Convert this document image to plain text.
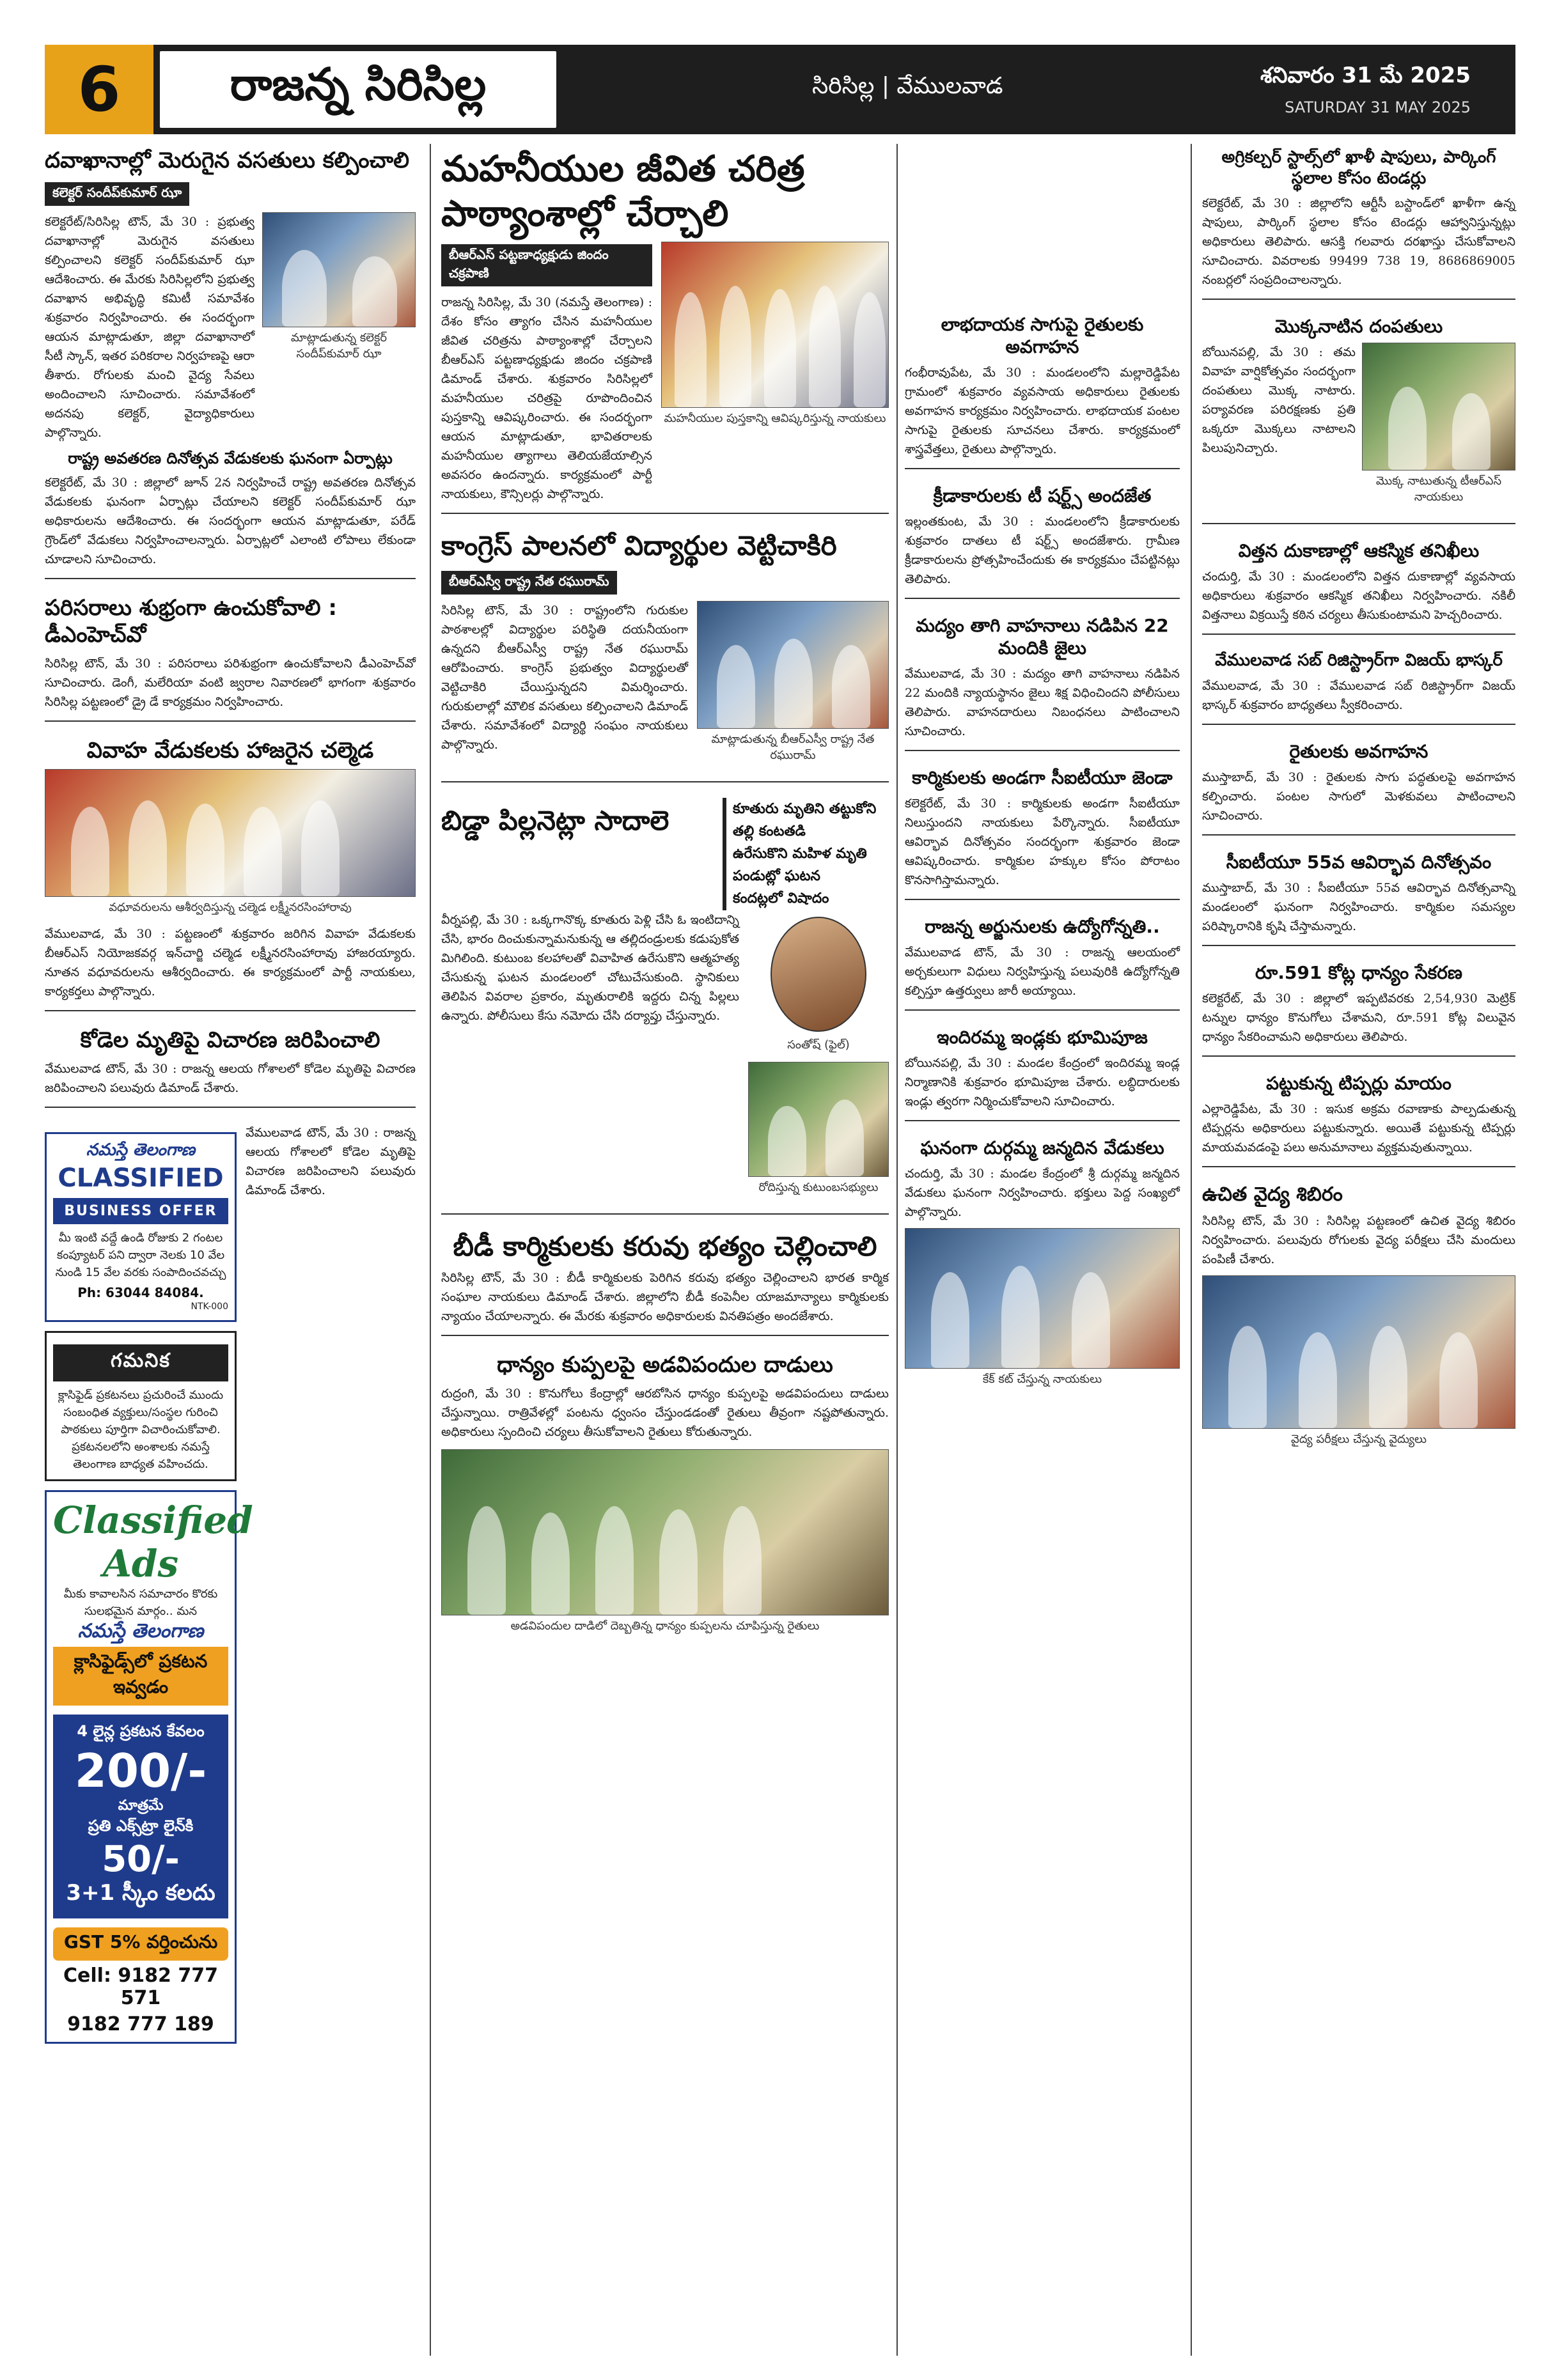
6	రాజన్న సిరిసిల్ల	సిరిసిల్ల | వేములవాడ	శనివారం 31 మే 2025
SATURDAY 31 MAY 2025
దవాఖానాల్లో మెరుగైన వసతులు కల్పించాలి
కలెక్టర్ సందీప్‌కుమార్ ఝా
కలెక్టరేట్/సిరిసిల్ల టౌన్, మే 30 : ప్రభుత్వ దవాఖానాల్లో మెరుగైన వసతులు కల్పించాలని కలెక్టర్ సందీప్‌కుమార్ ఝా ఆదేశించారు. ఈ మేరకు సిరిసిల్లలోని ప్రభుత్వ దవాఖాన అభివృద్ధి కమిటీ సమావేశం శుక్రవారం నిర్వహించారు. ఈ సందర్భంగా ఆయన మాట్లాడుతూ, జిల్లా దవాఖానాలో సీటీ స్కాన్, ఇతర పరికరాల నిర్వహణపై ఆరా తీశారు. రోగులకు మంచి వైద్య సేవలు అందించాలని సూచించారు. సమావేశంలో అదనపు కలెక్టర్, వైద్యాధికారులు పాల్గొన్నారు.
మాట్లాడుతున్న కలెక్టర్ సందీప్‌కుమార్ ఝా
రాష్ట్ర అవతరణ దినోత్సవ వేడుకలకు ఘనంగా ఏర్పాట్లు
కలెక్టరేట్, మే 30 : జిల్లాలో జూన్ 2న నిర్వహించే రాష్ట్ర అవతరణ దినోత్సవ వేడుకలకు ఘనంగా ఏర్పాట్లు చేయాలని కలెక్టర్ సందీప్‌కుమార్ ఝా అధికారులను ఆదేశించారు. ఈ సందర్భంగా ఆయన మాట్లాడుతూ, పరేడ్ గ్రౌండ్‌లో వేడుకలు నిర్వహించాలన్నారు. ఏర్పాట్లలో ఎలాంటి లోపాలు లేకుండా చూడాలని సూచించారు.
పరిసరాలు శుభ్రంగా ఉంచుకోవాలి : డీఎంహెచ్‌వో
సిరిసిల్ల టౌన్, మే 30 : పరిసరాలు పరిశుభ్రంగా ఉంచుకోవాలని డీఎంహెచ్‌వో సూచించారు. డెంగీ, మలేరియా వంటి జ్వరాల నివారణలో భాగంగా శుక్రవారం సిరిసిల్ల పట్టణంలో డ్రై డే కార్యక్రమం నిర్వహించారు.
వివాహ వేడుకలకు హాజరైన చల్మెడ
వధూవరులను ఆశీర్వదిస్తున్న చల్మెడ లక్ష్మీనరసింహారావు
వేములవాడ, మే 30 : పట్టణంలో శుక్రవారం జరిగిన వివాహ వేడుకలకు బీఆర్ఎస్ నియోజకవర్గ ఇన్‌చార్జి చల్మెడ లక్ష్మీనరసింహారావు హాజరయ్యారు. నూతన వధూవరులను ఆశీర్వదించారు. ఈ కార్యక్రమంలో పార్టీ నాయకులు, కార్యకర్తలు పాల్గొన్నారు.
కోడెల మృతిపై విచారణ జరిపించాలి
వేములవాడ టౌన్, మే 30 : రాజన్న ఆలయ గోశాలలో కోడెల మృతిపై విచారణ జరిపించాలని పలువురు డిమాండ్ చేశారు.
నమస్తే తెలంగాణ
CLASSIFIED
BUSINESS OFFER
మీ ఇంటి వద్దే ఉండి రోజుకు 2 గంటల కంప్యూటర్ పని ద్వారా నెలకు 10 వేల నుండి 15 వేల వరకు సంపాదించవచ్చు
Ph: 63044 84084.
NTK-000
గమనిక
క్లాసిఫైడ్ ప్రకటనలు ప్రచురించే ముందు సంబంధిత వ్యక్తులు/సంస్థల గురించి పాఠకులు పూర్తిగా విచారించుకోవాలి. ప్రకటనలలోని అంశాలకు నమస్తే తెలంగాణ బాధ్యత వహించదు.
Classified Ads
మీకు కావాలసిన సమాచారం కొరకు సులభమైన మార్గం.. మన
నమస్తే తెలంగాణ
క్లాసిఫైడ్స్‌లో ప్రకటన ఇవ్వడం
4 లైన్ల ప్రకటన కేవలం
200/- మాత్రమే
ప్రతి ఎక్స్‌ట్రా లైన్‌కి
50/-
3+1 స్కీం కలదు
GST 5% వర్తించును
Cell: 9182 777 571
9182 777 189
వేములవాడ టౌన్, మే 30 : రాజన్న ఆలయ గోశాలలో కోడెల మృతిపై విచారణ జరిపించాలని పలువురు డిమాండ్ చేశారు.
మహనీయుల జీవిత చరిత్ర పాఠ్యాంశాల్లో చేర్చాలి
బీఆర్ఎస్ పట్టణాధ్యక్షుడు జిందం చక్రపాణి
రాజన్న సిరిసిల్ల, మే 30 (నమస్తే తెలంగాణ) : దేశం కోసం త్యాగం చేసిన మహనీయుల జీవిత చరిత్రను పాఠ్యాంశాల్లో చేర్చాలని బీఆర్ఎస్ పట్టణాధ్యక్షుడు జిందం చక్రపాణి డిమాండ్ చేశారు. శుక్రవారం సిరిసిల్లలో మహనీయుల చరిత్రపై రూపొందించిన పుస్తకాన్ని ఆవిష్కరించారు. ఈ సందర్భంగా ఆయన మాట్లాడుతూ, భావితరాలకు మహనీయుల త్యాగాలు తెలియజేయాల్సిన అవసరం ఉందన్నారు. కార్యక్రమంలో పార్టీ నాయకులు, కౌన్సిలర్లు పాల్గొన్నారు.
మహనీయుల పుస్తకాన్ని ఆవిష్కరిస్తున్న నాయకులు
కాంగ్రెస్ పాలనలో విద్యార్థుల వెట్టిచాకిరి
బీఆర్ఎస్వీ రాష్ట్ర నేత రఘురామ్
సిరిసిల్ల టౌన్, మే 30 : రాష్ట్రంలోని గురుకుల పాఠశాలల్లో విద్యార్థుల పరిస్థితి దయనీయంగా ఉన్నదని బీఆర్ఎస్వీ రాష్ట్ర నేత రఘురామ్ ఆరోపించారు. కాంగ్రెస్ ప్రభుత్వం విద్యార్థులతో వెట్టిచాకిరి చేయిస్తున్నదని విమర్శించారు. గురుకులాల్లో మౌలిక వసతులు కల్పించాలని డిమాండ్ చేశారు. సమావేశంలో విద్యార్థి సంఘం నాయకులు పాల్గొన్నారు.	మాట్లాడుతున్న బీఆర్ఎస్వీ రాష్ట్ర నేత రఘురామ్
బిడ్డా పిల్లనెట్లా సాదాలె	కూతురు మృతిని తట్టుకోని తల్లి కంటతడి
ఉరేసుకొని మహిళ మృతి
పండుట్లో ఘటన
కందట్లలో విషాదం
వీర్నపల్లి, మే 30 : ఒక్కగానొక్క కూతురు పెళ్లి చేసి ఓ ఇంటిదాన్ని చేసి, భారం దించుకున్నామనుకున్న ఆ తల్లిదండ్రులకు కడుపుకోత మిగిలింది. కుటుంబ కలహాలతో వివాహిత ఉరేసుకొని ఆత్మహత్య చేసుకున్న ఘటన మండలంలో చోటుచేసుకుంది. స్థానికులు తెలిపిన వివరాల ప్రకారం, మృతురాలికి ఇద్దరు చిన్న పిల్లలు ఉన్నారు. పోలీసులు కేసు నమోదు చేసి దర్యాప్తు చేస్తున్నారు.
సంతోష్ (ఫైల్)
రోదిస్తున్న కుటుంబసభ్యులు
బీడీ కార్మికులకు కరువు భత్యం చెల్లించాలి
సిరిసిల్ల టౌన్, మే 30 : బీడీ కార్మికులకు పెరిగిన కరువు భత్యం చెల్లించాలని భారత కార్మిక సంఘాల నాయకులు డిమాండ్ చేశారు. జిల్లాలోని బీడీ కంపెనీల యాజమాన్యాలు కార్మికులకు న్యాయం చేయాలన్నారు. ఈ మేరకు శుక్రవారం అధికారులకు వినతిపత్రం అందజేశారు.
ధాన్యం కుప్పలపై అడవిపందుల దాడులు
రుద్రంగి, మే 30 : కొనుగోలు కేంద్రాల్లో ఆరబోసిన ధాన్యం కుప్పలపై అడవిపందులు దాడులు చేస్తున్నాయి. రాత్రివేళల్లో పంటను ధ్వంసం చేస్తుండడంతో రైతులు తీవ్రంగా నష్టపోతున్నారు. అధికారులు స్పందించి చర్యలు తీసుకోవాలని రైతులు కోరుతున్నారు.
అడవిపందుల దాడిలో దెబ్బతిన్న ధాన్యం కుప్పలను చూపిస్తున్న రైతులు
లాభదాయక సాగుపై రైతులకు అవగాహన
గంభీరావుపేట, మే 30 : మండలంలోని మల్లారెడ్డిపేట గ్రామంలో శుక్రవారం వ్యవసాయ అధికారులు రైతులకు అవగాహన కార్యక్రమం నిర్వహించారు. లాభదాయక పంటల సాగుపై రైతులకు సూచనలు చేశారు. కార్యక్రమంలో శాస్త్రవేత్తలు, రైతులు పాల్గొన్నారు.
క్రీడాకారులకు టీ షర్ట్స్ అందజేత
ఇల్లంతకుంట, మే 30 : మండలంలోని క్రీడాకారులకు శుక్రవారం దాతలు టీ షర్ట్స్ అందజేశారు. గ్రామీణ క్రీడాకారులను ప్రోత్సహించేందుకు ఈ కార్యక్రమం చేపట్టినట్లు తెలిపారు.
మద్యం తాగి వాహనాలు నడిపిన 22 మందికి జైలు
వేములవాడ, మే 30 : మద్యం తాగి వాహనాలు నడిపిన 22 మందికి న్యాయస్థానం జైలు శిక్ష విధించిందని పోలీసులు తెలిపారు. వాహనదారులు నిబంధనలు పాటించాలని సూచించారు.
కార్మికులకు అండగా సీఐటీయూ జెండా
కలెక్టరేట్, మే 30 : కార్మికులకు అండగా సీఐటీయూ నిలుస్తుందని నాయకులు పేర్కొన్నారు. సీఐటీయూ ఆవిర్భావ దినోత్సవం సందర్భంగా శుక్రవారం జెండా ఆవిష్కరించారు. కార్మికుల హక్కుల కోసం పోరాటం కొనసాగిస్తామన్నారు.
రాజన్న అర్జునులకు ఉద్యోగోన్నతి..
వేములవాడ టౌన్, మే 30 : రాజన్న ఆలయంలో అర్చకులుగా విధులు నిర్వహిస్తున్న పలువురికి ఉద్యోగోన్నతి కల్పిస్తూ ఉత్తర్వులు జారీ అయ్యాయి.
ఇందిరమ్మ ఇండ్లకు భూమిపూజ
బోయినపల్లి, మే 30 : మండల కేంద్రంలో ఇందిరమ్మ ఇండ్ల నిర్మాణానికి శుక్రవారం భూమిపూజ చేశారు. లబ్ధిదారులకు ఇండ్లు త్వరగా నిర్మించుకోవాలని సూచించారు.
ఘనంగా దుర్గమ్మ జన్మదిన వేడుకలు
చందుర్తి, మే 30 : మండల కేంద్రంలో శ్రీ దుర్గమ్మ జన్మదిన వేడుకలు ఘనంగా నిర్వహించారు. భక్తులు పెద్ద సంఖ్యలో పాల్గొన్నారు.
కేక్ కట్ చేస్తున్న నాయకులు
అగ్రికల్చర్ స్టాల్స్‌లో ఖాళీ షాపులు, పార్కింగ్ స్థలాల కోసం టెండర్లు
కలెక్టరేట్, మే 30 : జిల్లాలోని ఆర్టీసీ బస్టాండ్‌లో ఖాళీగా ఉన్న షాపులు, పార్కింగ్ స్థలాల కోసం టెండర్లు ఆహ్వానిస్తున్నట్లు అధికారులు తెలిపారు. ఆసక్తి గలవారు దరఖాస్తు చేసుకోవాలని సూచించారు. వివరాలకు 99499 738 19, 8686869005 నంబర్లలో సంప్రదించాలన్నారు.
మొక్కనాటిన దంపతులు
బోయినపల్లి, మే 30 : తమ వివాహ వార్షికోత్సవం సందర్భంగా దంపతులు మొక్క నాటారు. పర్యావరణ పరిరక్షణకు ప్రతి ఒక్కరూ మొక్కలు నాటాలని పిలుపునిచ్చారు.
మొక్క నాటుతున్న టీఆర్ఎస్ నాయకులు
విత్తన దుకాణాల్లో ఆకస్మిక తనిఖీలు
చందుర్తి, మే 30 : మండలంలోని విత్తన దుకాణాల్లో వ్యవసాయ అధికారులు శుక్రవారం ఆకస్మిక తనిఖీలు నిర్వహించారు. నకిలీ విత్తనాలు విక్రయిస్తే కఠిన చర్యలు తీసుకుంటామని హెచ్చరించారు.
వేములవాడ సబ్ రిజిస్ట్రార్‌గా విజయ్ భాస్కర్
వేములవాడ, మే 30 : వేములవాడ సబ్ రిజిస్ట్రార్‌గా విజయ్ భాస్కర్ శుక్రవారం బాధ్యతలు స్వీకరించారు.
రైతులకు అవగాహన
ముస్తాబాద్, మే 30 : రైతులకు సాగు పద్ధతులపై అవగాహన కల్పించారు. పంటల సాగులో మెళకువలు పాటించాలని సూచించారు.
సీఐటీయూ 55వ ఆవిర్భావ దినోత్సవం
ముస్తాబాద్, మే 30 : సీఐటీయూ 55వ ఆవిర్భావ దినోత్సవాన్ని మండలంలో ఘనంగా నిర్వహించారు. కార్మికుల సమస్యల పరిష్కారానికి కృషి చేస్తామన్నారు.
రూ.591 కోట్ల ధాన్యం సేకరణ
కలెక్టరేట్, మే 30 : జిల్లాలో ఇప్పటివరకు 2,54,930 మెట్రిక్ టన్నుల ధాన్యం కొనుగోలు చేశామని, రూ.591 కోట్ల విలువైన ధాన్యం సేకరించామని అధికారులు తెలిపారు.
పట్టుకున్న టిప్పర్లు మాయం
ఎల్లారెడ్డిపేట, మే 30 : ఇసుక అక్రమ రవాణాకు పాల్పడుతున్న టిప్పర్లను అధికారులు పట్టుకున్నారు. అయితే పట్టుకున్న టిప్పర్లు మాయమవడంపై పలు అనుమానాలు వ్యక్తమవుతున్నాయి.
ఉచిత వైద్య శిబిరం
సిరిసిల్ల టౌన్, మే 30 : సిరిసిల్ల పట్టణంలో ఉచిత వైద్య శిబిరం నిర్వహించారు. పలువురు రోగులకు వైద్య పరీక్షలు చేసి మందులు పంపిణీ చేశారు.
వైద్య పరీక్షలు చేస్తున్న వైద్యులు
